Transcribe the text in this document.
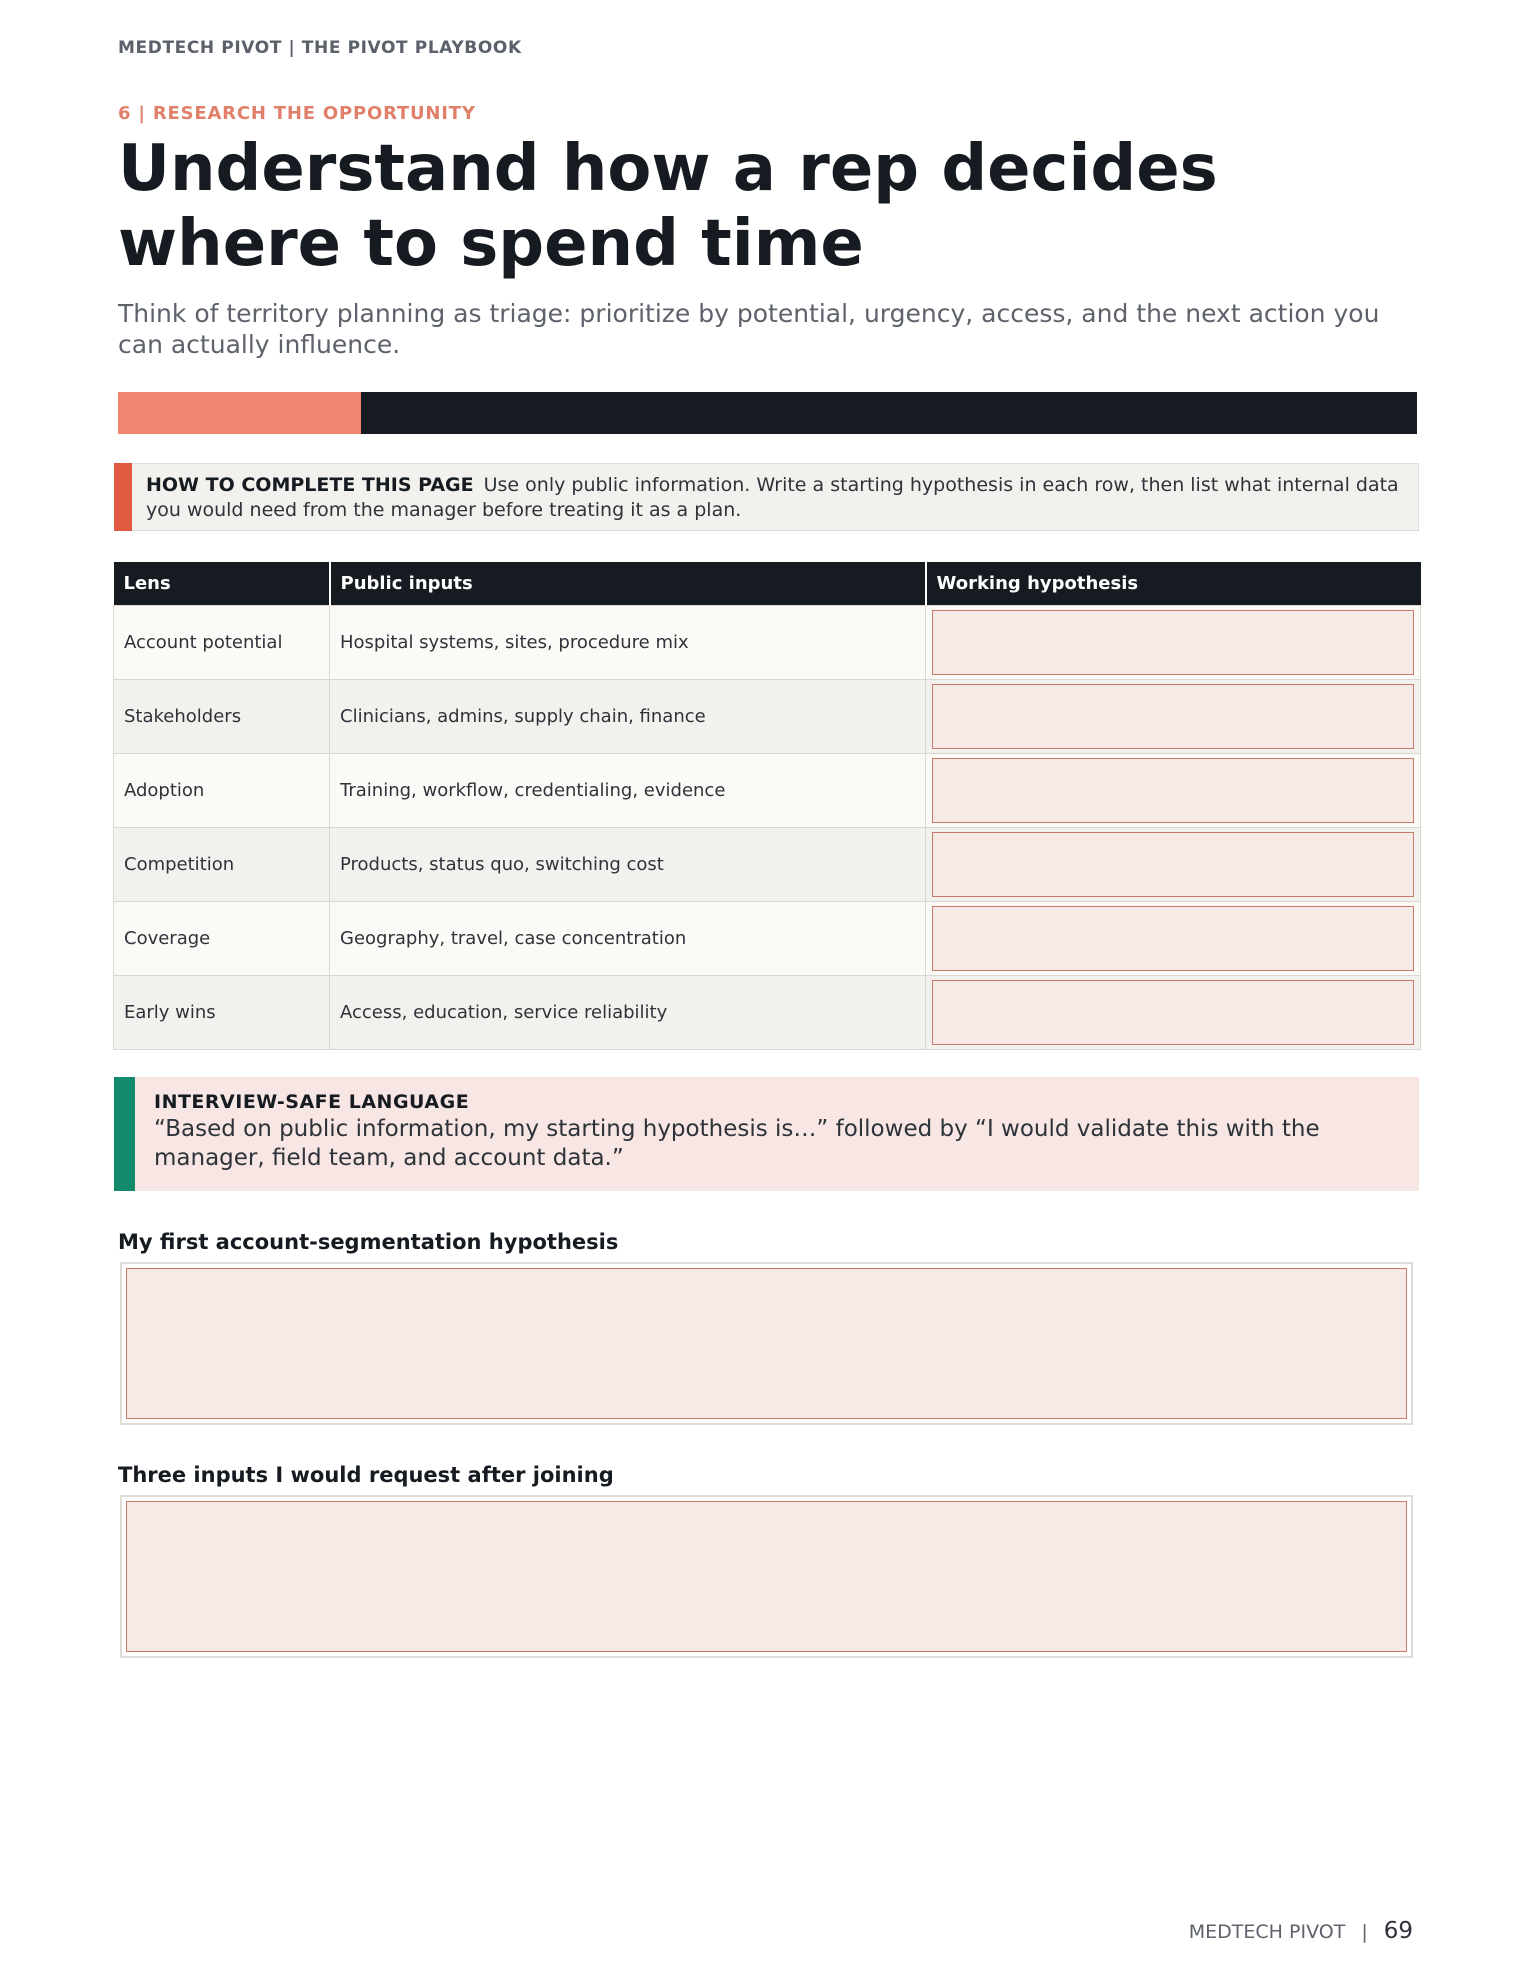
MEDTECH PIVOT | THE PIVOT PLAYBOOK
6 | RESEARCH THE OPPORTUNITY
Understand how a rep decides where to spend time

Think of territory planning as triage: prioritize by potential, urgency, access, and the next action you can actually influence.

HOW TO COMPLETE THIS PAGE Use only public information. Write a starting hypothesis in each row, then list what internal data you would need from the manager before treating it as a plan.
Lens	Public inputs	Working hypothesis
Account potential	Hospital systems, sites, procedure mix	

Stakeholders	Clinicians, admins, supply chain, finance	

Adoption	Training, workflow, credentialing, evidence	

Competition	Products, status quo, switching cost	

Coverage	Geography, travel, case concentration	

Early wins	Access, education, service reliability	
INTERVIEW-SAFE LANGUAGE
“Based on public information, my starting hypothesis is…” followed by “I would validate this with the manager, field team, and account data.”
My first account-segmentation hypothesis
Three inputs I would request after joining
MEDTECH PIVOT | 69
